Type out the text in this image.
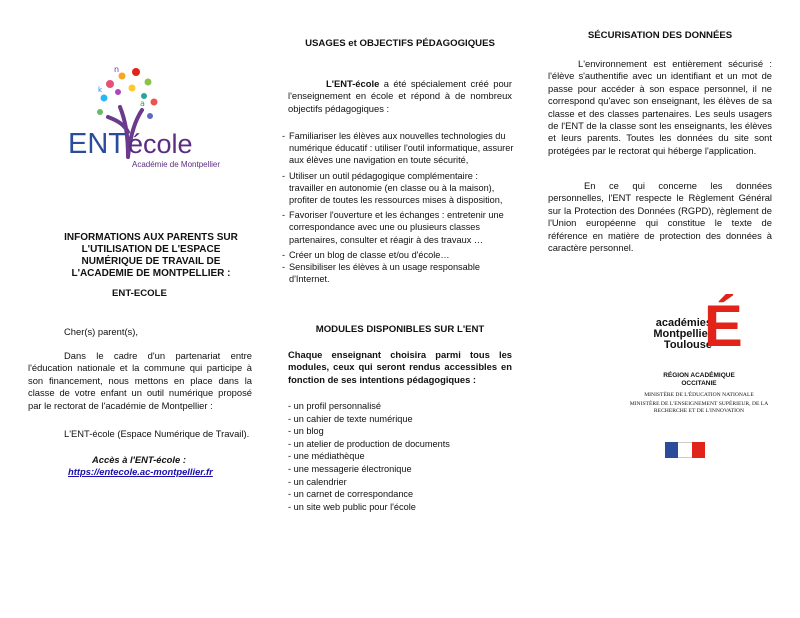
n
a
k
ENTécole
Académie de Montpellier
INFORMATIONS AUX PARENTS SUR
L'UTILISATION DE L'ESPACE
NUMÉRIQUE DE TRAVAIL DE
L'ACADEMIE DE MONTPELLIER :
ENT-ECOLE
Cher(s) parent(s),

Dans le cadre d'un partenariat entre l'éducation nationale et la commune qui participe à son financement, nous mettons en place dans la classe de votre enfant un outil numérique proposé par le rectorat de l'académie de Montpellier :

L'ENT-école (Espace Numérique de Travail).
Accès à l'ENT-école :
https://entecole.ac-montpellier.fr
USAGES et OBJECTIFS PÉDAGOGIQUES

L'ENT-école a été spécialement créé pour l'enseignement en école et répond à de nombreux objectifs pédagogiques :

- Familiariser les élèves aux nouvelles technologies du numérique éducatif : utiliser l'outil informatique, assurer aux élèves une navigation en toute sécurité,
- Utiliser un outil pédagogique complémentaire : travailler en autonomie (en classe ou à la maison), profiter de toutes les ressources mises à disposition,
- Favoriser l'ouverture et les échanges : entretenir une correspondance avec une ou plusieurs classes partenaires, consulter et réagir à des travaux …
- Créer un blog de classe et/ou d'école…
- Sensibiliser les élèves à un usage responsable d'Internet.
MODULES DISPONIBLES SUR L'ENT

Chaque enseignant choisira parmi tous les modules, ceux qui seront rendus accessibles en fonction de ses intentions pédagogiques :

- un profil personnalisé
- un cahier de texte numérique
- un blog
- un atelier de production de documents
- une médiathèque
- une messagerie électronique
- un calendrier
- un carnet de correspondance
- un site web public pour l'école
SÉCURISATION DES DONNÉES

L'environnement est entièrement sécurisé : l'élève s'authentifie avec un identifiant et un mot de passe pour accéder à son espace personnel, il ne correspond qu'avec son enseignant, les élèves de sa classe et des classes partenaires. Les seuls usagers de l'ENT de la classe sont les enseignants, les élèves et leurs parents. Toutes les données du site sont protégées par le rectorat qui héberge l'application.

En ce qui concerne les données personnelles, l'ENT respecte le Règlement Général sur la Protection des Données (RGPD), règlement de l'Union européenne qui constitue le texte de référence en matière de protection des données à caractère personnel.

académies
Montpellier
Toulouse
É
RÉGION ACADÉMIQUE
OCCITANIE
MINISTÈRE DE L'ÉDUCATION NATIONALE
MINISTÈRE DE L'ENSEIGNEMENT SUPÉRIEUR, DE LA RECHERCHE ET DE L'INNOVATION
